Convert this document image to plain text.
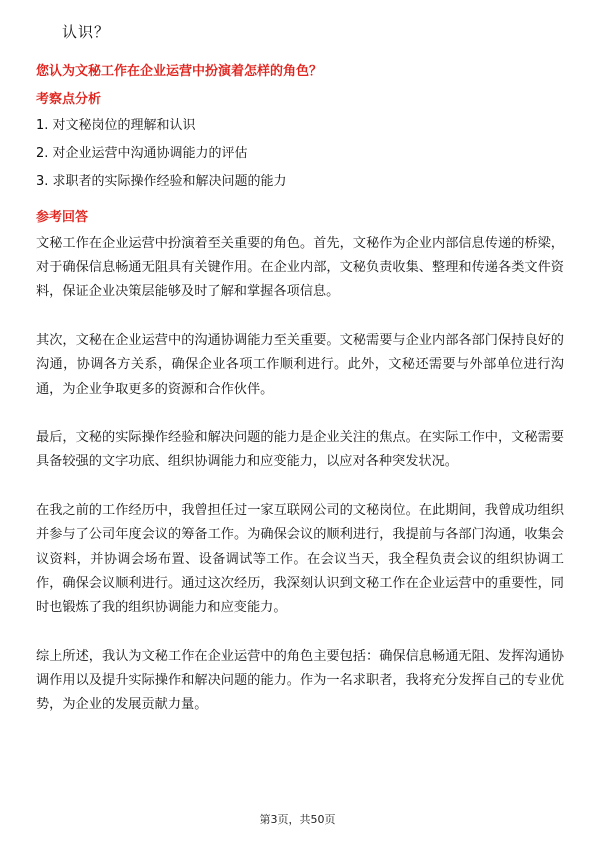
认识？

您认为文秘工作在企业运营中扮演着怎样的角色？

考察点分析

1. 对文秘岗位的理解和认识
2. 对企业运营中沟通协调能力的评估
3. 求职者的实际操作经验和解决问题的能力

参考回答

文秘工作在企业运营中扮演着至关重要的角色。首先，文秘作为企业内部信息传递的桥梁，对于确保信息畅通无阻具有关键作用。在企业内部，文秘负责收集、整理和传递各类文件资料，保证企业决策层能够及时了解和掌握各项信息。

其次，文秘在企业运营中的沟通协调能力至关重要。文秘需要与企业内部各部门保持良好的沟通，协调各方关系，确保企业各项工作顺利进行。此外，文秘还需要与外部单位进行沟通，为企业争取更多的资源和合作伙伴。

最后，文秘的实际操作经验和解决问题的能力是企业关注的焦点。在实际工作中，文秘需要具备较强的文字功底、组织协调能力和应变能力，以应对各种突发状况。

在我之前的工作经历中，我曾担任过一家互联网公司的文秘岗位。在此期间，我曾成功组织并参与了公司年度会议的筹备工作。为确保会议的顺利进行，我提前与各部门沟通，收集会议资料，并协调会场布置、设备调试等工作。在会议当天，我全程负责会议的组织协调工作，确保会议顺利进行。通过这次经历，我深刻认识到文秘工作在企业运营中的重要性，同时也锻炼了我的组织协调能力和应变能力。

综上所述，我认为文秘工作在企业运营中的角色主要包括：确保信息畅通无阻、发挥沟通协调作用以及提升实际操作和解决问题的能力。作为一名求职者，我将充分发挥自己的专业优势，为企业的发展贡献力量。

第3页，共50页
